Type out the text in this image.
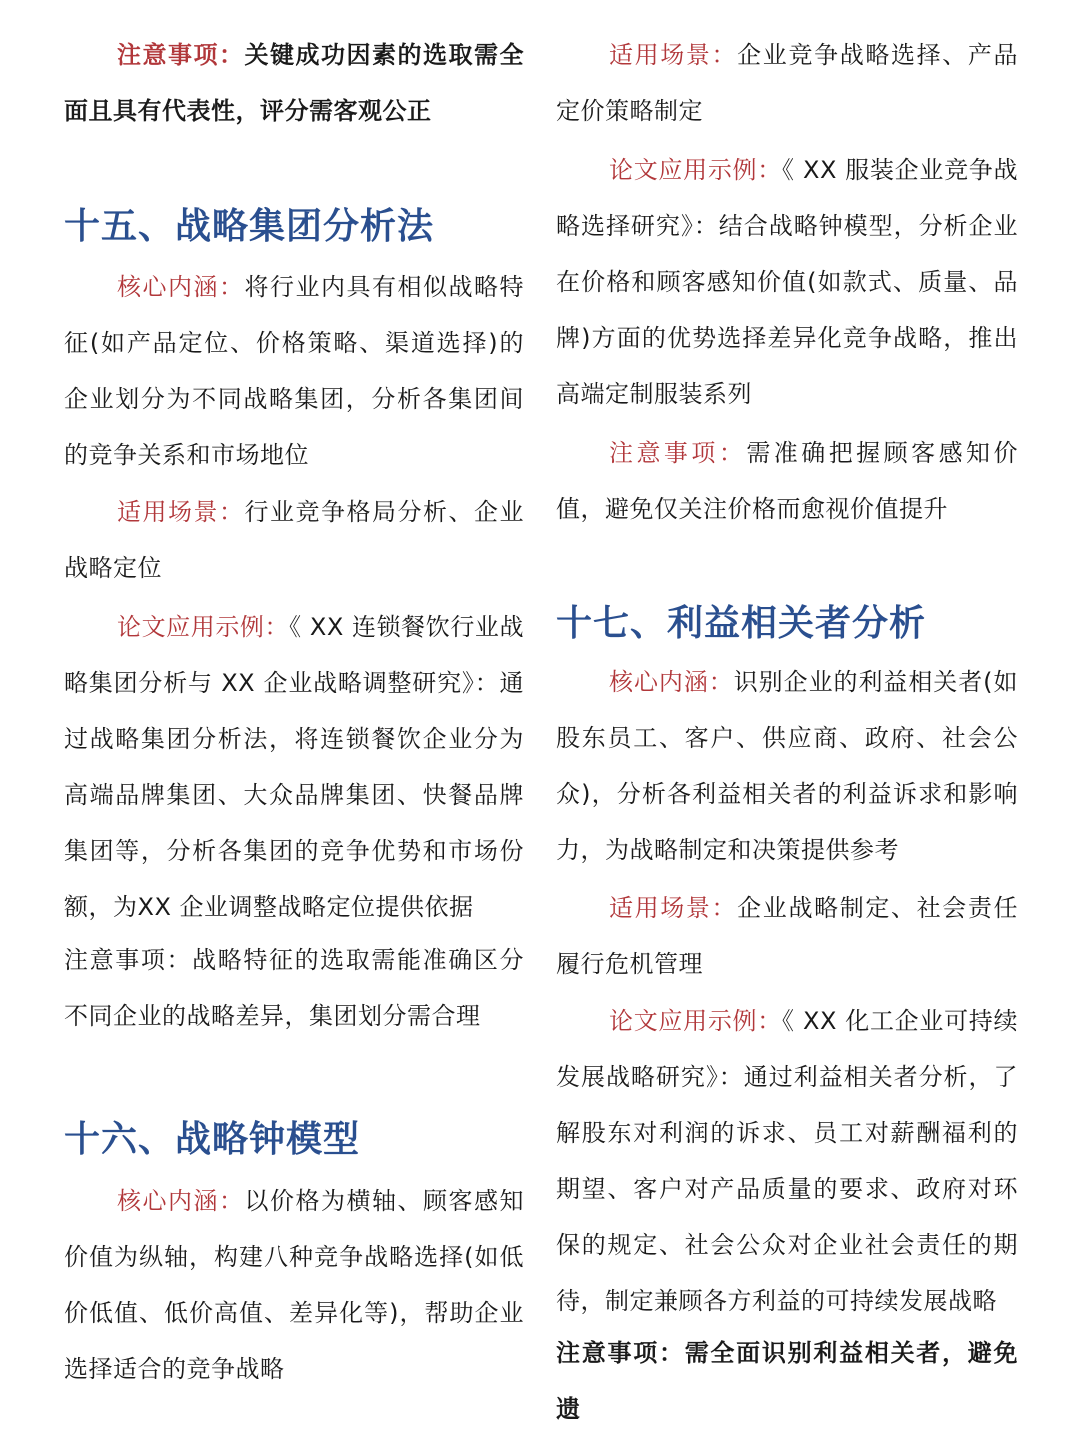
注意事项：关键成功因素的选取需全面且具有代表性，评分需客观公正

十五、战略集团分析法

核心内涵：将行业内具有相似战略特征(如产品定位、价格策略、渠道选择)的企业划分为不同战略集团，分析各集团间的竞争关系和市场地位

适用场景：行业竞争格局分析、企业战略定位

论文应用示例：《 XX 连锁餐饮行业战略集团分析与 XX 企业战略调整研究》：通过战略集团分析法，将连锁餐饮企业分为高端品牌集团、大众品牌集团、快餐品牌集团等，分析各集团的竞争优势和市场份额，为XX 企业调整战略定位提供依据

注意事项：战略特征的选取需能准确区分不同企业的战略差异，集团划分需合理

十六、战略钟模型

核心内涵：以价格为横轴、顾客感知价值为纵轴，构建八种竞争战略选择(如低价低值、低价高值、差异化等)，帮助企业选择适合的竞争战略

适用场景：企业竞争战略选择、产品定价策略制定

论文应用示例：《 XX 服装企业竞争战略选择研究》：结合战略钟模型，分析企业在价格和顾客感知价值(如款式、质量、品牌)方面的优势选择差异化竞争战略，推出高端定制服装系列

注意事项：需准确把握顾客感知价值，避免仅关注价格而愈视价值提升

十七、利益相关者分析

核心内涵：识别企业的利益相关者(如股东员工、客户、供应商、政府、社会公众)，分析各利益相关者的利益诉求和影响力，为战略制定和决策提供参考

适用场景：企业战略制定、社会责任履行危机管理

论文应用示例：《 XX 化工企业可持续发展战略研究》：通过利益相关者分析，了解股东对利润的诉求、员工对薪酬福利的期望、客户对产品质量的要求、政府对环保的规定、社会公众对企业社会责任的期待，制定兼顾各方利益的可持续发展战略

注意事项：需全面识别利益相关者，避免遗
